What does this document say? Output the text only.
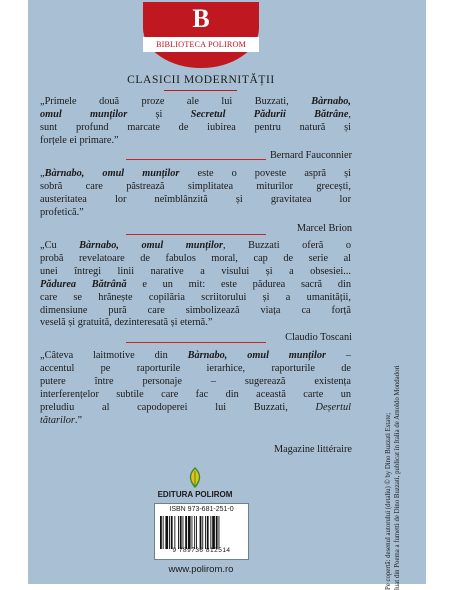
B
BIBLIOTECA POLIROM
CLASICII MODERNITĂȚII

„Primele două proze ale lui Buzzati, Bàrnabo,

omul munților și Secretul Pădurii Bătrâne,

sunt profund marcate de iubirea pentru natură și

forțele ei primare.”

Bernard Fauconnier

„Bàrnabo, omul munților este o poveste aspră și

sobră care păstrează simplitatea miturilor grecești,

austeritatea lor neîmblânzită și gravitatea lor

profetică.”

Marcel Brion

„Cu Bàrnabo, omul munților, Buzzati oferă o

probă revelatoare de fabulos moral, cap de serie al

unei întregi linii narative a visului și a obsesiei...

Pădurea Bătrână e un mit: este pădurea sacră din

care se hrănește copilăria scriitorului și a umanității,

dimensiune pură care simbolizează viața ca forță

veselă și gratuită, dezinteresată și eternă.”

Claudio Toscani

„Câteva laitmotive din Bàrnabo, omul munților –

accentul pe raporturile ierarhice, raporturile de

putere între personaje – sugerează existența

interferențelor subtile care fac din această carte un

preludiu al capodoperei lui Buzzati, Deșertul

tătarilor.”

Magazine littéraire
EDITURA POLIROM
ISBN 973-681-251-0
9 789736 812514
www.polirom.ro	Pe copertă: desenul autorului (detaliu) © by Dino Buzzati Estate; luat din Poema a fumetti de Dino Buzzati, publicat în Italia de Arnoldo Mondadori
